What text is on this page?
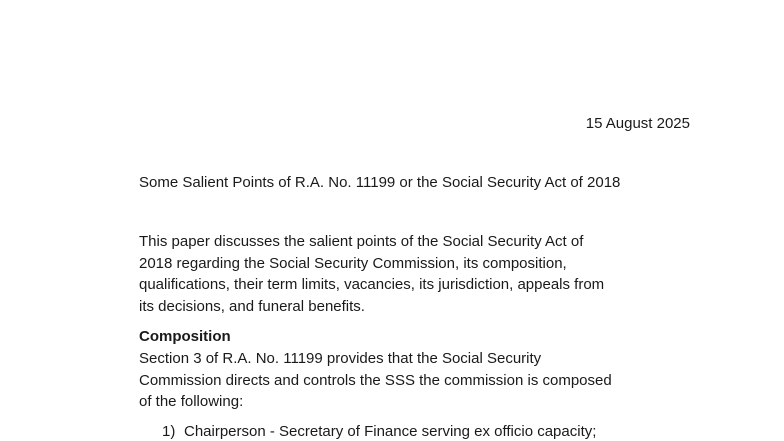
15 August 2025
Some Salient Points of R.A. No. 11199 or the Social Security Act of 2018
This paper discusses the salient points of the Social Security Act of
2018 regarding the Social Security Commission, its composition,
qualifications, their term limits, vacancies, its jurisdiction, appeals from
its decisions, and funeral benefits.
Composition
Section 3 of R.A. No. 11199 provides that the Social Security
Commission directs and controls the SSS the commission is composed
of the following:
1) Chairperson - Secretary of Finance serving ex officio capacity;
